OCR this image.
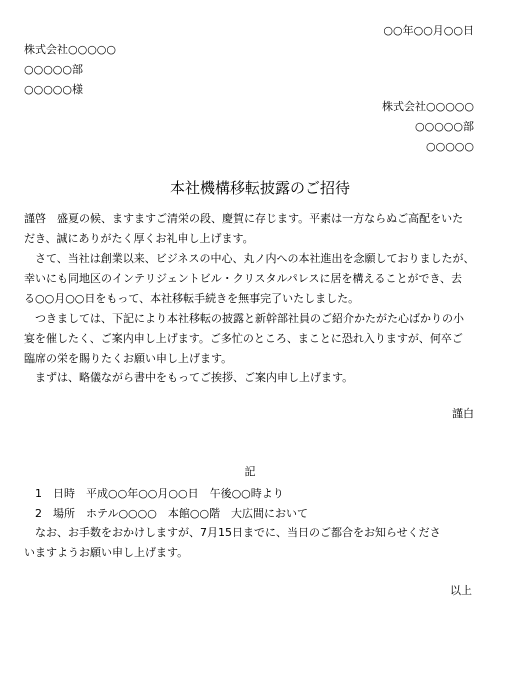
○○年○○月○○日
株式会社○○○○○
○○○○○部
○○○○○様
株式会社○○○○○
○○○○○部
○○○○○
本社機構移転披露のご招待
謹啓　盛夏の候、ますますご清栄の段、慶賀に存じます。平素は一方ならぬご高配をいた
だき、誠にありがたく厚くお礼申し上げます。
　さて、当社は創業以来、ビジネスの中心、丸ノ内への本社進出を念願しておりましたが、
幸いにも同地区のインテリジェントビル・クリスタルパレスに居を構えることができ、去
る○○月○○日をもって、本社移転手続きを無事完了いたしました。
　つきましては、下記により本社移転の披露と新幹部社員のご紹介かたがた心ばかりの小
宴を催したく、ご案内申し上げます。ご多忙のところ、まことに恐れ入りますが、何卒ご
臨席の栄を賜りたくお願い申し上げます。
　まずは、略儀ながら書中をもってご挨拶、ご案内申し上げます。
謹白
記
　1　日時　平成○○年○○月○○日　午後○○時より
　2　場所　ホテル○○○○　本館○○階　大広間において
　なお、お手数をおかけしますが、7月15日までに、当日のご都合をお知らせくださ
いますようお願い申し上げます。
以上
